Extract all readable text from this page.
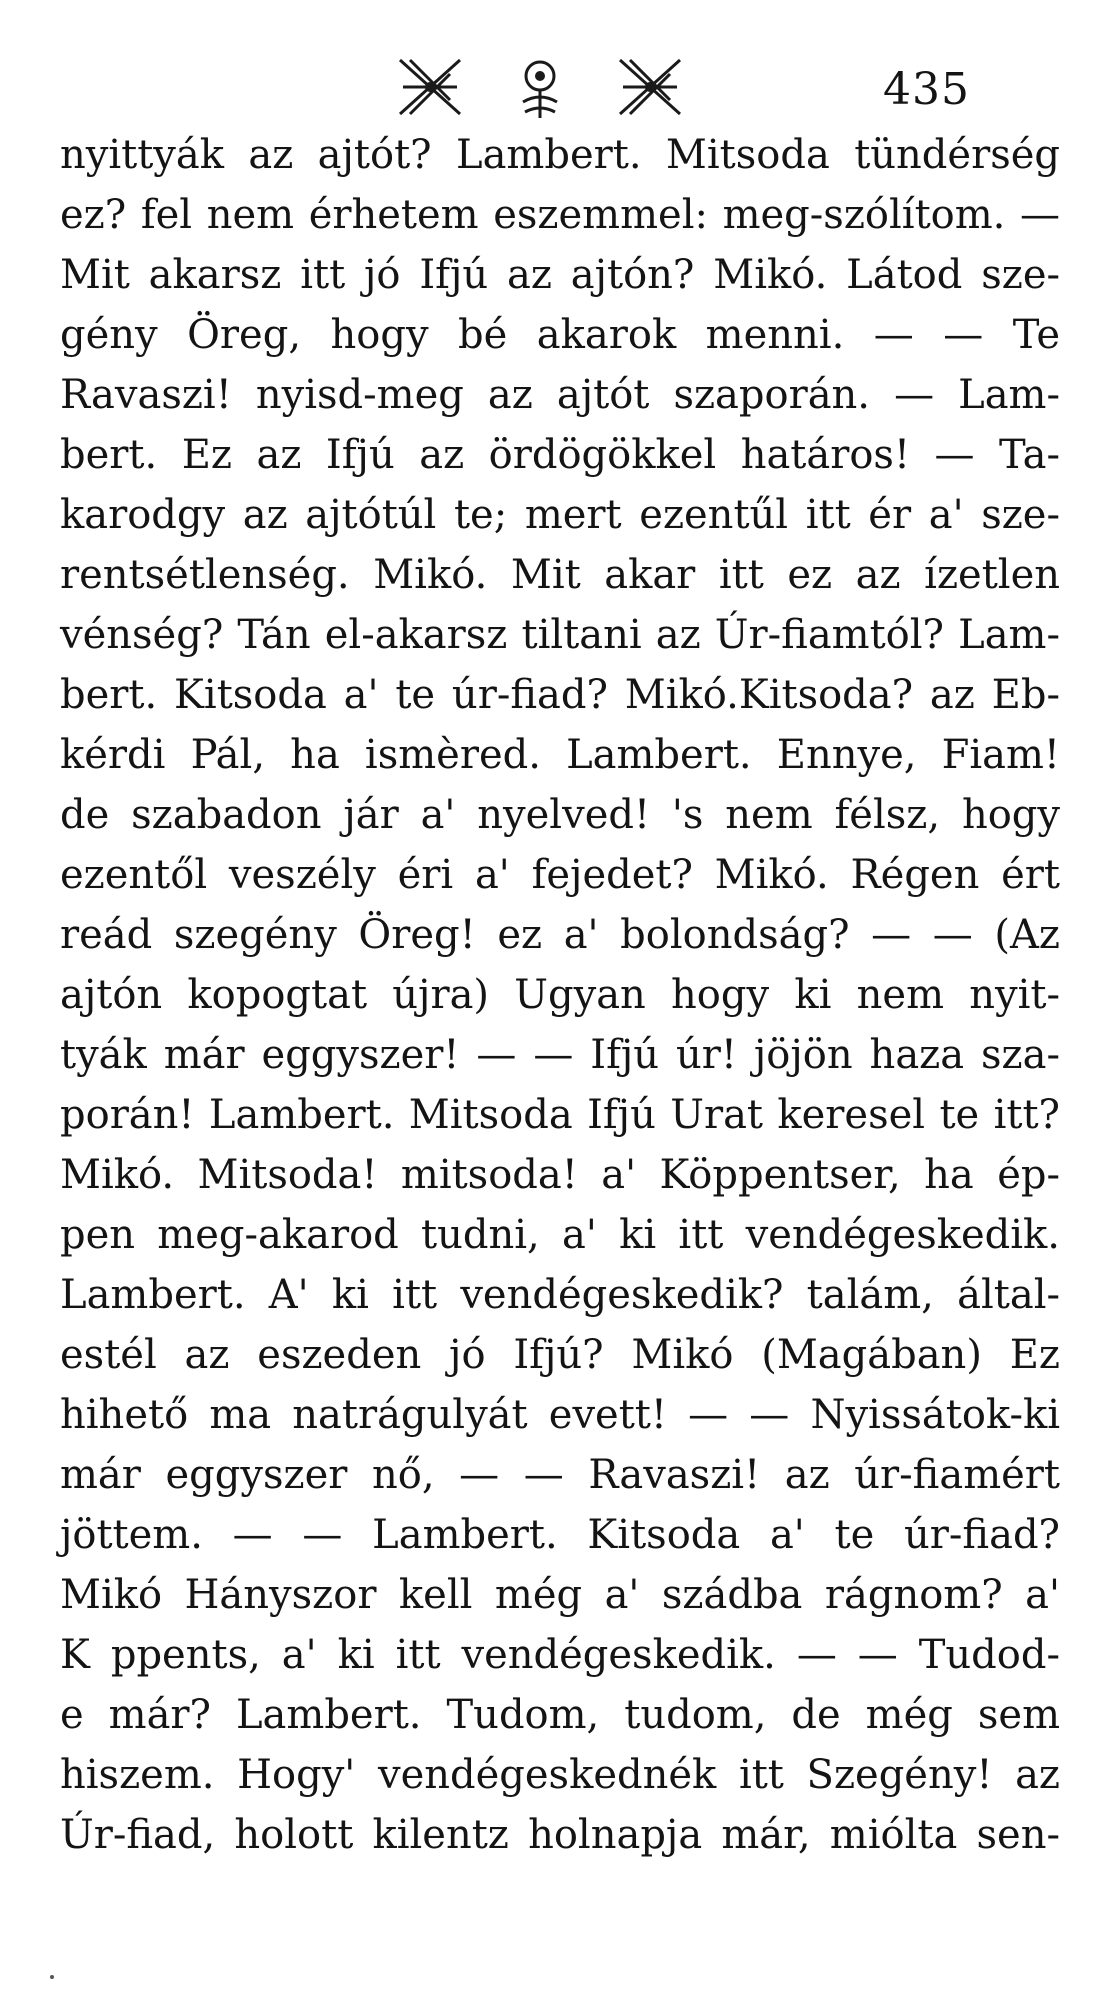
435
nyittyák az ajtót? Lambert. Mitsoda tündérség
ez? fel nem érhetem eszemmel: meg-szólítom. —
Mit akarsz itt jó Ifjú az ajtón? Mikó. Látod sze-
gény Öreg, hogy bé akarok menni. — — Te
Ravaszi! nyisd-meg az ajtót szaporán. — Lam-
bert. Ez az Ifjú az ördögökkel határos! — Ta-
karodgy az ajtótúl te; mert ezentűl itt ér a' sze-
rentsétlenség. Mikó. Mit akar itt ez az ízetlen
vénség? Tán el-akarsz tiltani az Úr-fiamtól? Lam-
bert. Kitsoda a' te úr-fiad? Mikó.Kitsoda? az Eb-
kérdi Pál, ha ismèred. Lambert. Ennye, Fiam!
de szabadon jár a' nyelved! 's nem félsz, hogy
ezentől veszély éri a' fejedet? Mikó. Régen ért
reád szegény Öreg! ez a' bolondság? — — (Az
ajtón kopogtat újra) Ugyan hogy ki nem nyit-
tyák már eggyszer! — — Ifjú úr! jöjön haza sza-
porán! Lambert. Mitsoda Ifjú Urat keresel te itt?
Mikó. Mitsoda! mitsoda! a' Köppentser, ha ép-
pen meg-akarod tudni, a' ki itt vendégeskedik.
Lambert. A' ki itt vendégeskedik? talám, által-
estél az eszeden jó Ifjú? Mikó (Magában) Ez
hihető ma natrágulyát evett! — — Nyissátok-ki
már eggyszer nő, — — Ravaszi! az úr-fiamért
jöttem. — — Lambert. Kitsoda a' te úr-fiad?
Mikó Hányszor kell még a' szádba rágnom? a'
K ppents, a' ki itt vendégeskedik. — — Tudod-
e már? Lambert. Tudom, tudom, de még sem
hiszem. Hogy' vendégeskednék itt Szegény! az
Úr-fiad, holott kilentz holnapja már, miólta sen-
